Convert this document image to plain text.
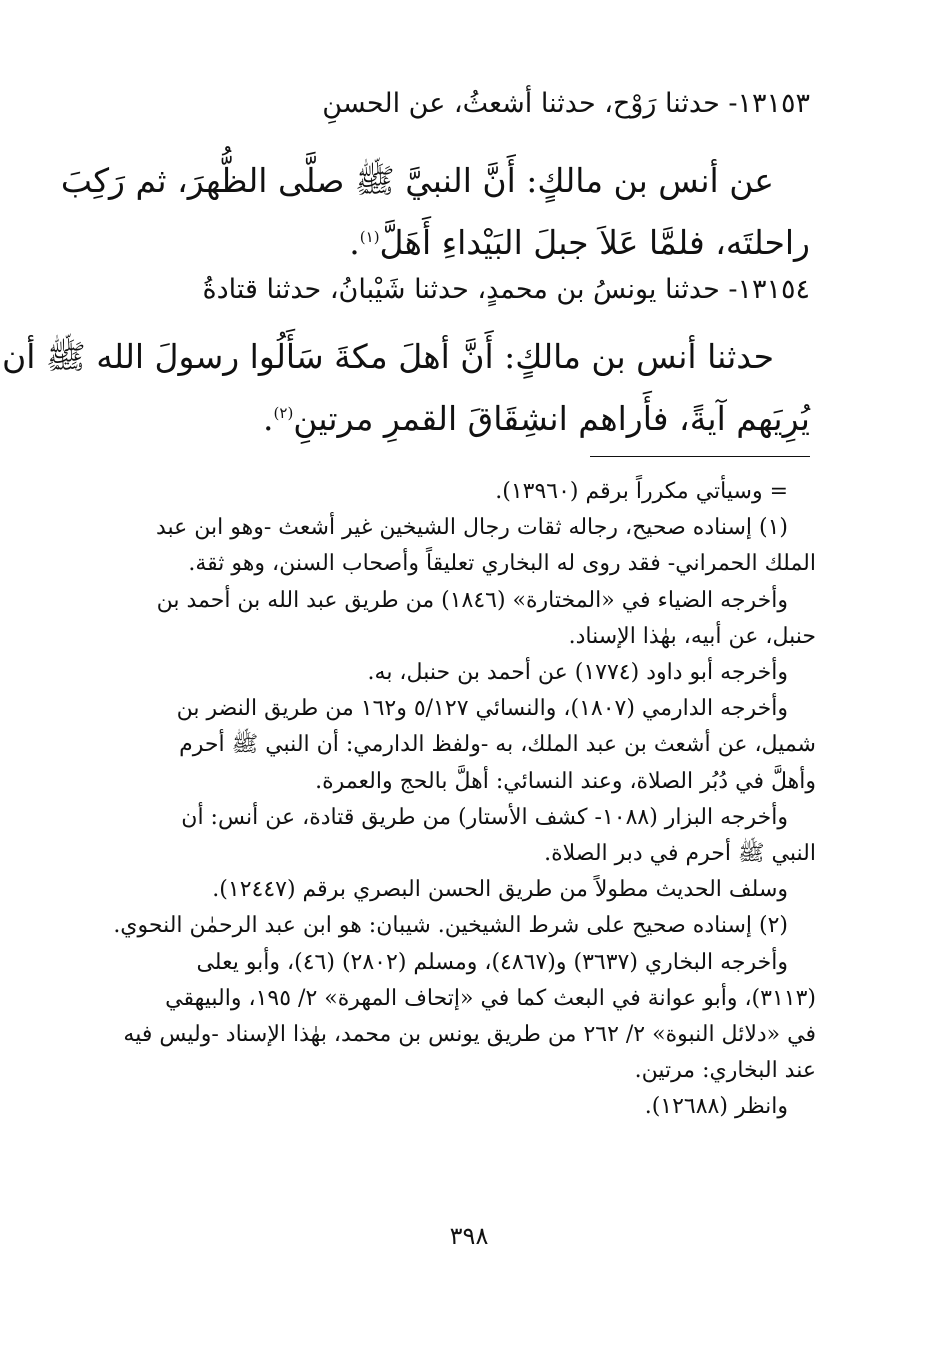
١٣١٥٣- حدثنا رَوْح، حدثنا أشعثُ، عن الحسنِ
عن أنس بن مالكٍ: أَنَّ النبيَّ ﷺ صلَّى الظُّهرَ، ثم رَكِبَ
راحلتَه، فلمَّا عَلاَ جبلَ البَيْداءِ أَهَلَّ$^{(١)}$.
١٣١٥٤- حدثنا يونسُ بن محمدٍ، حدثنا شَيْبانُ، حدثنا قتادةُ
حدثنا أنس بن مالكٍ: أَنَّ أهلَ مكةَ سَأَلُوا رسولَ الله ﷺ أن
يُرِيَهم آيةً، فأَراهم انشِقَاقَ القمرِ مرتينِ$^{(٢)}$.
= وسيأتي مكرراً برقم (١٣٩٦٠).
(١) إسناده صحيح، رجاله ثقات رجال الشيخين غير أشعث -وهو ابن عبد
الملك الحمراني- فقد روى له البخاري تعليقاً وأصحاب السنن، وهو ثقة.
وأخرجه الضياء في «المختارة» (١٨٤٦) من طريق عبد الله بن أحمد بن
حنبل، عن أبيه، بهٰذا الإسناد.
وأخرجه أبو داود (١٧٧٤) عن أحمد بن حنبل، به.
وأخرجه الدارمي (١٨٠٧)، والنسائي ٥/١٢٧ و١٦٢ من طريق النضر بن
شميل، عن أشعث بن عبد الملك، به -ولفظ الدارمي: أن النبي ﷺ أحرم
وأهلَّ في دُبُر الصلاة، وعند النسائي: أهلَّ بالحج والعمرة.
وأخرجه البزار (١٠٨٨- كشف الأستار) من طريق قتادة، عن أنس: أن
النبي ﷺ أحرم في دبر الصلاة.
وسلف الحديث مطولاً من طريق الحسن البصري برقم (١٢٤٤٧).
(٢) إسناده صحيح على شرط الشيخين. شيبان: هو ابن عبد الرحمٰن النحوي.
وأخرجه البخاري (٣٦٣٧) و(٤٨٦٧)، ومسلم (٢٨٠٢) (٤٦)، وأبو يعلى
(٣١١٣)، وأبو عوانة في البعث كما في «إتحاف المهرة» ٢/ ١٩٥، والبيهقي
في «دلائل النبوة» ٢/ ٢٦٢ من طريق يونس بن محمد، بهٰذا الإسناد -وليس فيه
عند البخاري: مرتين.
وانظر (١٢٦٨٨).
٣٩٨
